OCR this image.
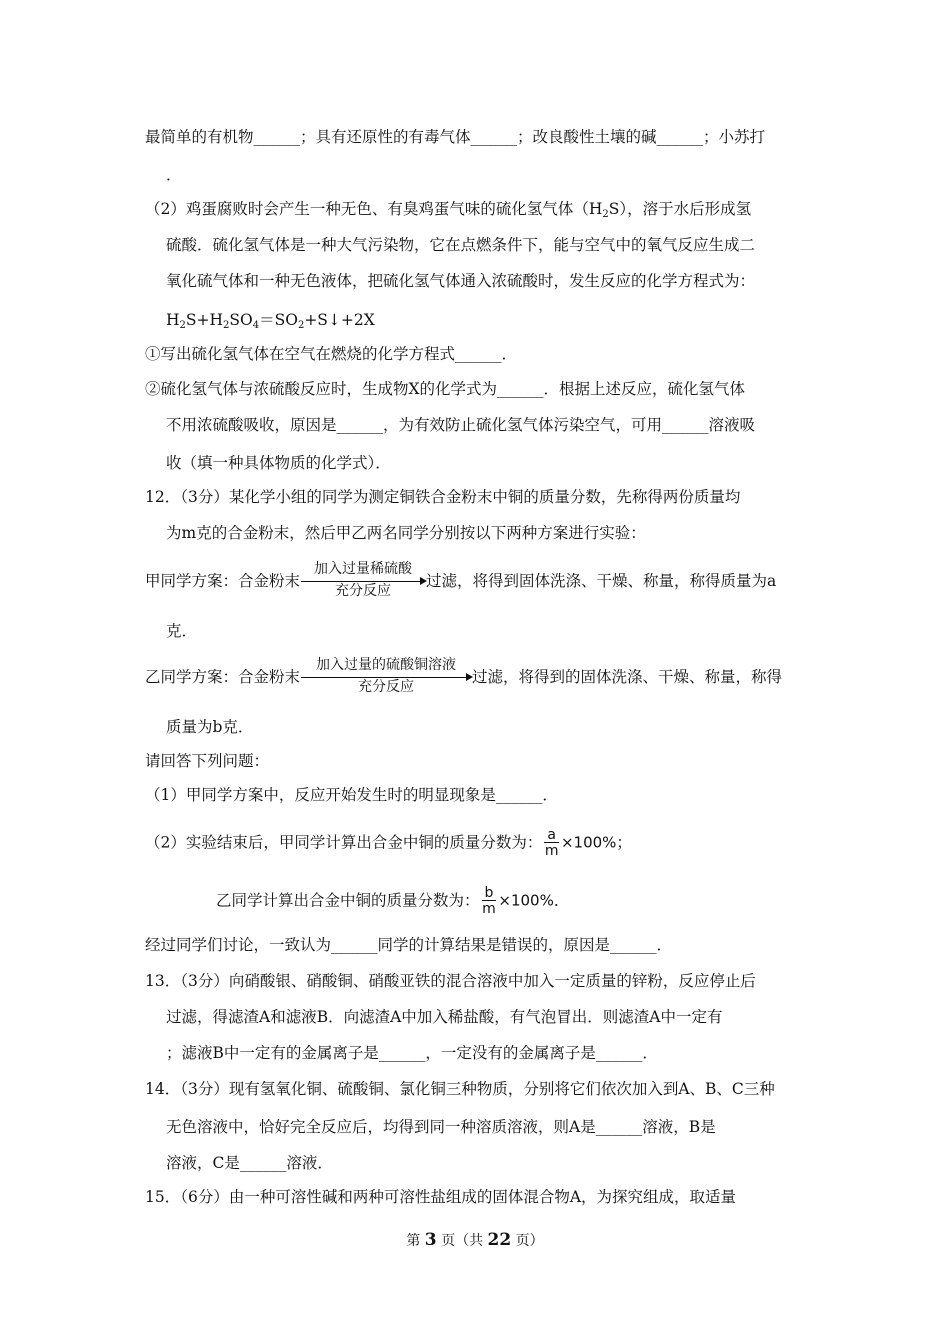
最简单的有机物______；具有还原性的有毒气体______；改良酸性土壤的碱______；小苏打
．
（2）鸡蛋腐败时会产生一种无色、有臭鸡蛋气味的硫化氢气体$(H_2S)$，溶于水后形成氢
硫酸．硫化氢气体是一种大气污染物，它在点燃条件下，能与空气中的氧气反应生成二
氧化硫气体和一种无色液体，把硫化氢气体通入浓硫酸时，发生反应的化学方程式为：
$H_2S+H_2SO_4=SO_2+S↓+2X$
①写出硫化氢气体在空气在燃烧的化学方程式______．
②硫化氢气体与浓硫酸反应时，生成物X的化学式为______．根据上述反应，硫化氢气体
不用浓硫酸吸收，原因是______，为有效防止硫化氢气体污染空气，可用______溶液吸
收（填一种具体物质的化学式）．
12．（3分）某化学小组的同学为测定铜铁合金粉末中铜的质量分数，先称得两份质量均
为m克的合金粉末，然后甲乙两名同学分别按以下两种方案进行实验：
甲同学方案：合金粉末
加入过量稀硫酸
充分反应
过滤，将得到固体洗涤、干燥、称量，称得质量为a
克．
乙同学方案：合金粉末
加入过量的硫酸铜溶液
充分反应
过滤，将得到的固体洗涤、干燥、称量，称得
质量为b克．
请回答下列问题：
（1）甲同学方案中，反应开始发生时的明显现象是______．
（2）实验结束后，甲同学计算出合金中铜的质量分数为： $\frac{a}{m} \times 100\%$；
乙同学计算出合金中铜的质量分数为： $\frac{b}{m} \times 100\%$．
经过同学们讨论，一致认为______同学的计算结果是错误的，原因是______．
13．（3分）向硝酸银、硝酸铜、硝酸亚铁的混合溶液中加入一定质量的锌粉，反应停止后
过滤，得滤渣A和滤液B．向滤渣A中加入稀盐酸，有气泡冒出．则滤渣A中一定有
；滤液B中一定有的金属离子是______，一定没有的金属离子是______．
14．（3分）现有氢氧化铜、硫酸铜、氯化铜三种物质，分别将它们依次加入到A、B、C三种
无色溶液中，恰好完全反应后，均得到同一种溶质溶液，则A是______溶液，B是
溶液，C是______溶液．
15．（6分）由一种可溶性碱和两种可溶性盐组成的固体混合物A，为探究组成，取适量
第 3 页（共 22 页）
